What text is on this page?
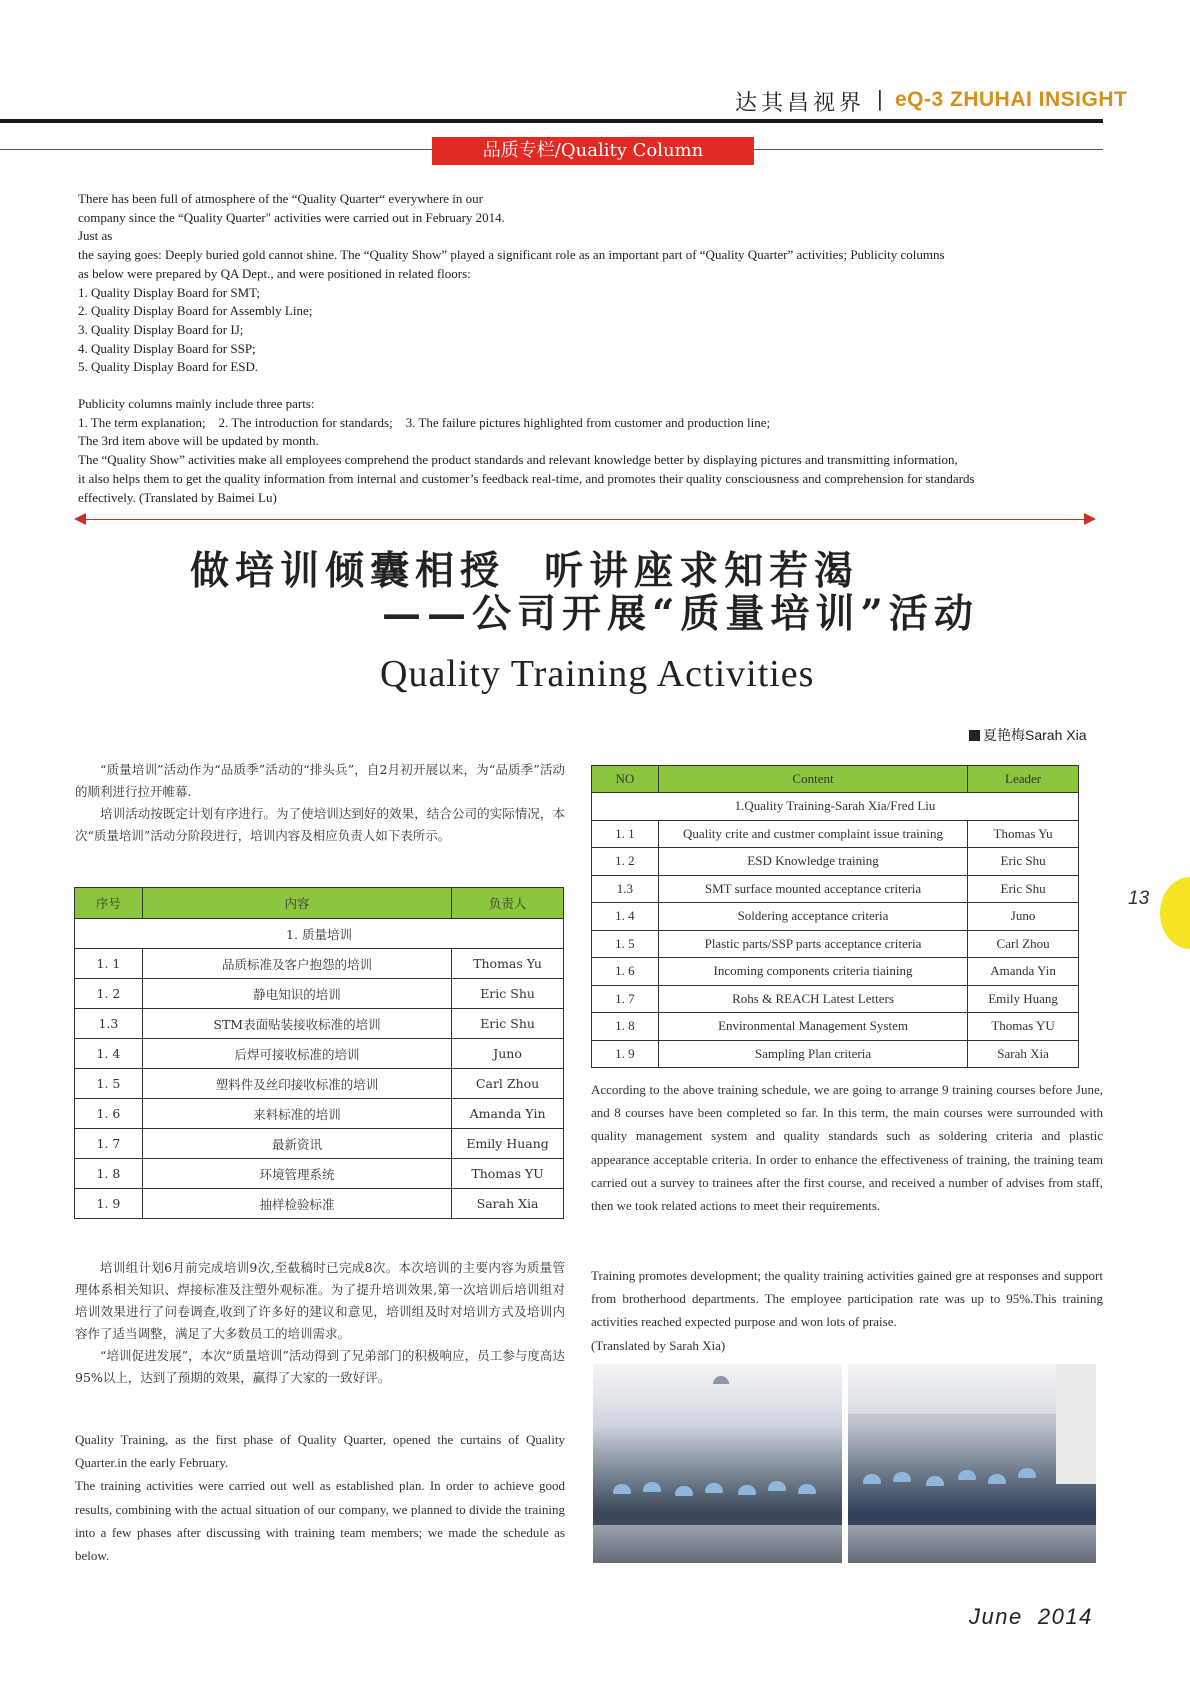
达其昌视界 | eQ-3 ZHUHAI INSIGHT
品质专栏/Quality Column

There has been full of atmosphere of the “Quality Quarter“ everywhere in our

company since the “Quality Quarter" activities were carried out in February 2014.

Just as

the saying goes: Deeply buried gold cannot shine. The “Quality Show” played a significant role as an important part of “Quality Quarter” activities; Publicity columns

as below were prepared by QA Dept., and were positioned in related floors:

1. Quality Display Board for SMT;

2. Quality Display Board for Assembly Line;

3. Quality Display Board for IJ;

4. Quality Display Board for SSP;

5. Quality Display Board for ESD.

Publicity columns mainly include three parts:

1. The term explanation;    2. The introduction for standards;    3. The failure pictures highlighted from customer and production line;

The 3rd item above will be updated by month.

The “Quality Show” activities make all employees comprehend the product standards and relevant knowledge better by displaying pictures and transmitting information,

it also helps them to get the quality information from internal and customer’s feedback real-time, and promotes their quality consciousness and comprehension for standards

effectively. (Translated by Baimei Lu)

做培训倾囊相授  听讲座求知若渴
——公司开展“质量培训”活动
Quality Training Activities
夏艳梅Sarah Xia

“质量培训”活动作为“品质季”活动的“排头兵”，自2月初开展以来，为“品质季”活动的顺利进行拉开帷幕.

培训活动按既定计划有序进行。为了使培训达到好的效果，结合公司的实际情况，本次“质量培训”活动分阶段进行，培训内容及相应负责人如下表所示。

序号	内容	负责人
1. 质量培训		
1. 1	品质标准及客户抱怨的培训	Thomas Yu
1. 2	静电知识的培训	Eric Shu
1.3	STM表面贴装接收标准的培训	Eric Shu
1. 4	后焊可接收标准的培训	Juno
1. 5	塑料件及丝印接收标准的培训	Carl Zhou
1. 6	来料标准的培训	Amanda Yin
1. 7	最新资讯	Emily Huang
1. 8	环境管理系统	Thomas YU
1. 9	抽样检验标准	Sarah Xia

培训组计划6月前完成培训9次,至截稿时已完成8次。本次培训的主要内容为质量管理体系相关知识、焊接标准及注塑外观标准。为了提升培训效果,第一次培训后培训组对培训效果进行了问卷调查,收到了许多好的建议和意见，培训组及时对培训方式及培训内容作了适当调整，满足了大多数员工的培训需求。

“培训促进发展”，本次“质量培训”活动得到了兄弟部门的积极响应，员工参与度高达95%以上，达到了预期的效果，赢得了大家的一致好评。

Quality Training, as the first phase of Quality Quarter, opened the curtains of Quality Quarter.in the early February.

The training activities were carried out well as established plan. In order to achieve good results, combining with the actual situation of our company, we planned to divide the training into a few phases after discussing with training team members; we made the schedule as below.

NO	Content	Leader
1.Quality Training-Sarah Xia/Fred Liu		
1. 1	Quality crite and custmer complaint issue training	Thomas Yu
1. 2	ESD Knowledge training	Eric Shu
1.3	SMT surface mounted acceptance criteria	Eric Shu
1. 4	Soldering acceptance criteria	Juno
1. 5	Plastic parts/SSP parts acceptance criteria	Carl Zhou
1. 6	Incoming components criteria tiaining	Amanda Yin
1. 7	Rohs & REACH Latest Letters	Emily Huang
1. 8	Environmental Management System	Thomas YU
1. 9	Sampling Plan criteria	Sarah Xia

According to the above training schedule, we are going to arrange 9 training courses before June, and 8 courses have been completed so far. In this term, the main courses were surrounded with quality management system and quality standards such as soldering criteria and plastic appearance acceptable criteria. In order to enhance the effectiveness of training, the training team carried out a survey to trainees after the first course, and received a number of advises from staff, then we took related actions to meet their requirements.

Training promotes development; the quality training activities gained gre at responses and support from brotherhood departments. The employee participation rate was up to 95%.This training activities reached expected purpose and won lots of praise.

(Translated by Sarah Xia)

13
June  2014
